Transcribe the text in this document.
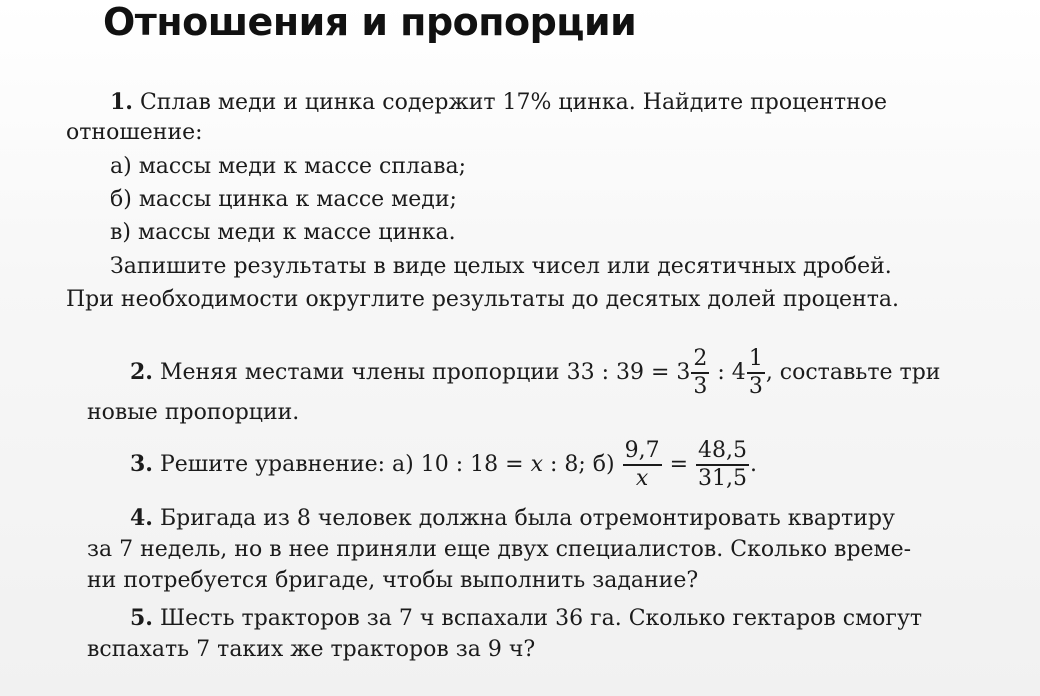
Отношения и пропорции
1. Сплав меди и цинка содержит 17% цинка. Найдите процентное
отношение:
а) массы меди к массе сплава;
б) массы цинка к массе меди;
в) массы меди к массе цинка.
Запишите результаты в виде целых чисел или десятичных дробей.
При необходимости округлите результаты до десятых долей процента.
2. Меняя местами члены пропорции 33 : $39 = 3 \frac{2}{3}$ : $4 \frac{1}{3}$ , составьте три
новые пропорции.
3. Решите уравнение: а) 10 : 18 = x : 8; $б) \frac{9,7}{x} = \frac{48,5}{31,5}$ .
4. Бригада из 8 человек должна была отремонтировать квартиру
за 7 недель, но в нее приняли еще двух специалистов. Сколько време-
ни потребуется бригаде, чтобы выполнить задание?
5. Шесть тракторов за 7 ч вспахали 36 га. Сколько гектаров смогут
вспахать 7 таких же тракторов за 9 ч?
